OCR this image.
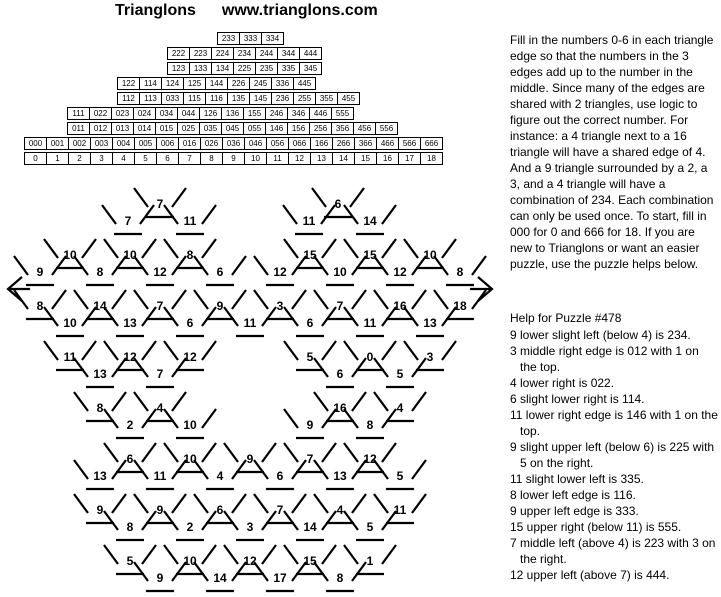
Trianglons www.trianglons.com
233	333	334
222	223	224	234	244	344	444
123	133	134	225	235	335	345
122	114	124	125	144	226	245	336	445
112	113	033	115	116	135	145	236	255	355	455
111	022	023	024	034	044	126	136	155	246	346	446	555
011	012	013	014	015	025	035	045	055	146	156	256	356	456	556
000	001	002	003	004	005	006	016	026	036	046	056	066	166	266	366	466	566	666
0	1	2	3	4	5	6	7	8	9	10	11	12	13	14	15	16	17	18
7
7	11
6
11	14
10	10	8	15	15	10
9	8	12	6	12	10	12	8
8	14	7	9	3	7	16	18
10	13	6	11	6	11	13
11	12	12	5	0	3
13	7	6	5
8	4	16	4
2	10	9	8
6	10	9	7	12
13	11	4	6	13	5
9	9	6	7	4	11
8	2	3	14	5
5	10	12	15	1
9	14	17	8
Fill in the numbers 0-6 in each triangle edge so that the numbers in the 3 edges add up to the number in the middle. Since many of the edges are shared with 2 triangles, use logic to figure out the correct number. For instance: a 4 triangle next to a 16 triangle will have a shared edge of 4. And a 9 triangle surrounded by a 2, a 3, and a 4 triangle will have a combination of 234. Each combination can only be used once. To start, fill in 000 for 0 and 666 for 18. If you are new to Trianglons or want an easier puzzle, use the puzzle helps below.
Help for Puzzle #478
9 lower slight left (below 4) is 234.
3 middle right edge is 012 with 1 on the top.
4 lower right is 022.
6 slight lower right is 114.
11 lower right edge is 146 with 1 on the top.
9 slight upper left (below 6) is 225 with 5 on the right.
11 slight lower left is 335.
8 lower left edge is 116.
9 upper left edge is 333.
15 upper right (below 11) is 555.
7 middle left (above 4) is 223 with 3 on the right.
12 upper left (above 7) is 444.
